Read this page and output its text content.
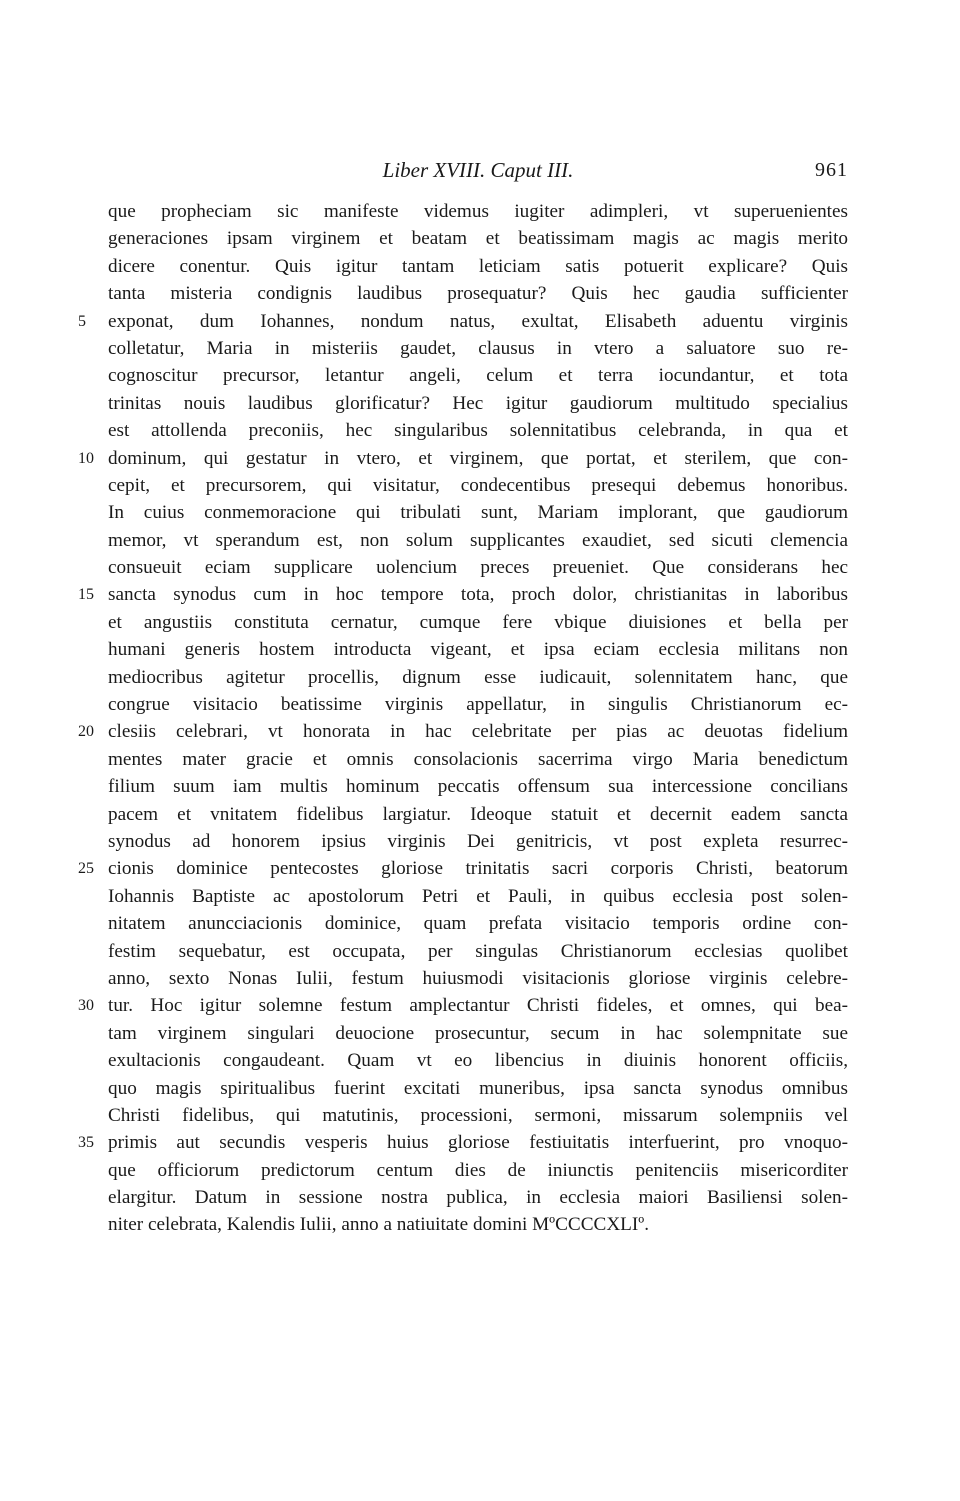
Liber XVIII. Caput III.	961
que propheciam sic manifeste videmus iugiter adimpleri, vt superuenientes
generaciones ipsam virginem et beatam et beatissimam magis ac magis merito
dicere conentur. Quis igitur tantam leticiam satis potuerit explicare? Quis
tanta misteria condignis laudibus prosequatur? Quis hec gaudia sufficienter
5	exponat, dum Iohannes, nondum natus, exultat, Elisabeth aduentu virginis
colletatur, Maria in misteriis gaudet, clausus in vtero a saluatore suo re-
cognoscitur precursor, letantur angeli, celum et terra iocundantur, et tota
trinitas nouis laudibus glorificatur? Hec igitur gaudiorum multitudo specialius
est attollenda preconiis, hec singularibus solennitatibus celebranda, in qua et
10 dominum, qui gestatur in vtero, et virginem, que portat, et sterilem, que con-
cepit, et precursorem, qui visitatur, condecentibus presequi debemus honoribus.
In cuius conmemoracione qui tribulati sunt, Mariam implorant, que gaudiorum
memor, vt sperandum est, non solum supplicantes exaudiet, sed sicuti clemencia
consueuit eciam supplicare uolencium preces preueniet. Que considerans hec
15 sancta synodus cum in hoc tempore tota, proch dolor, christianitas in laboribus
et angustiis constituta cernatur, cumque fere vbique diuisiones et bella per
humani generis hostem introducta vigeant, et ipsa eciam ecclesia militans non
mediocribus agitetur procellis, dignum esse iudicauit, solennitatem hanc, que
congrue visitacio beatissime virginis appellatur, in singulis Christianorum ec-
20 clesiis celebrari, vt honorata in hac celebritate per pias ac deuotas fidelium
mentes mater gracie et omnis consolacionis sacerrima virgo Maria benedictum
filium suum iam multis hominum peccatis offensum sua intercessione concilians
pacem et vnitatem fidelibus largiatur. Ideoque statuit et decernit eadem sancta
synodus ad honorem ipsius virginis Dei genitricis, vt post expleta resurrec-
25 cionis dominice pentecostes gloriose trinitatis sacri corporis Christi, beatorum
Iohannis Baptiste ac apostolorum Petri et Pauli, in quibus ecclesia post solen-
nitatem anuncciacionis dominice, quam prefata visitacio temporis ordine con-
festim sequebatur, est occupata, per singulas Christianorum ecclesias quolibet
anno, sexto Nonas Iulii, festum huiusmodi visitacionis gloriose virginis celebre-
30 tur. Hoc igitur solemne festum amplectantur Christi fideles, et omnes, qui bea-
tam virginem singulari deuocione prosecuntur, secum in hac solempnitate sue
exultacionis congaudeant. Quam vt eo libencius in diuinis honorent officiis,
quo magis spiritualibus fuerint excitati muneribus, ipsa sancta synodus omnibus
Christi fidelibus, qui matutinis, processioni, sermoni, missarum solempniis vel
35 primis aut secundis vesperis huius gloriose festiuitatis interfuerint, pro vnoquo-
que officiorum predictorum centum dies de iniunctis penitenciis misericorditer
elargitur. Datum in sessione nostra publica, in ecclesia maiori Basiliensi solen-
niter celebrata, Kalendis Iulii, anno a natiuitate domini MºCCCCXLIº.
